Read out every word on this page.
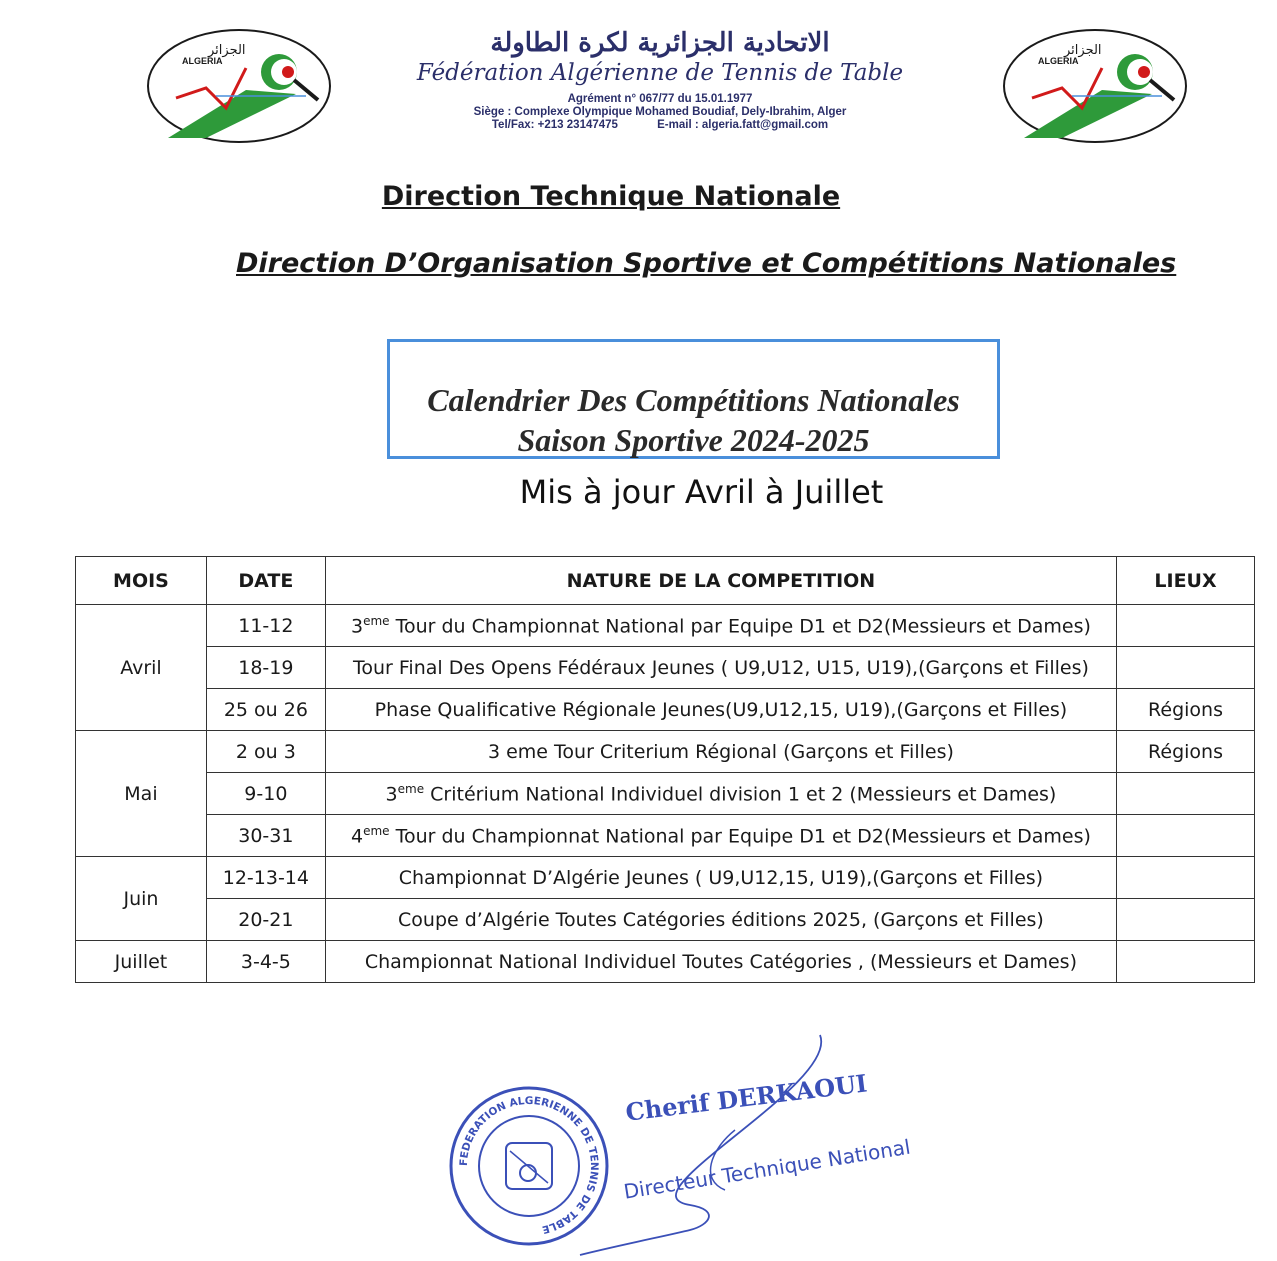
الجزائر
ALGERIA
الجزائر
ALGERIA
الاتحادية الجزائرية لكرة الطاولة
Fédération Algérienne de Tennis de Table
Agrément n° 067/77 du 15.01.1977
Siège : Complexe Olympique Mohamed Boudiaf, Dely-Ibrahim, Alger
Tel/Fax: +213 23147475	E-mail : algeria.fatt@gmail.com
Direction Technique Nationale
Direction D’Organisation Sportive et Compétitions Nationales
Calendrier Des Compétitions Nationales
Saison Sportive 2024-2025
Mis à jour Avril à Juillet
MOIS	DATE	NATURE DE LA COMPETITION	LIEUX
Avril	11-12	3eme Tour du Championnat National par Equipe D1 et D2(Messieurs et Dames)	
	18-19	Tour Final Des Opens Fédéraux Jeunes ( U9,U12, U15, U19),(Garçons et Filles)	
	25 ou 26	Phase Qualificative Régionale Jeunes(U9,U12,15, U19),(Garçons et Filles)	Régions
Mai	2 ou 3	3 eme Tour Criterium Régional (Garçons et Filles)	Régions
	9-10	3eme Critérium National Individuel division 1 et 2 (Messieurs et Dames)	
	30-31	4eme Tour du Championnat National par Equipe D1 et D2(Messieurs et Dames)	
Juin	12-13-14	Championnat D’Algérie Jeunes ( U9,U12,15, U19),(Garçons et Filles)	
	20-21	Coupe d’Algérie Toutes Catégories éditions 2025, (Garçons et Filles)	
Juillet	3-4-5	Championnat National Individuel Toutes Catégories , (Messieurs et Dames)	
FEDERATION ALGERIENNE DE TENNIS DE TABLE
Cherif DERKAOUI
Directeur Technique National
